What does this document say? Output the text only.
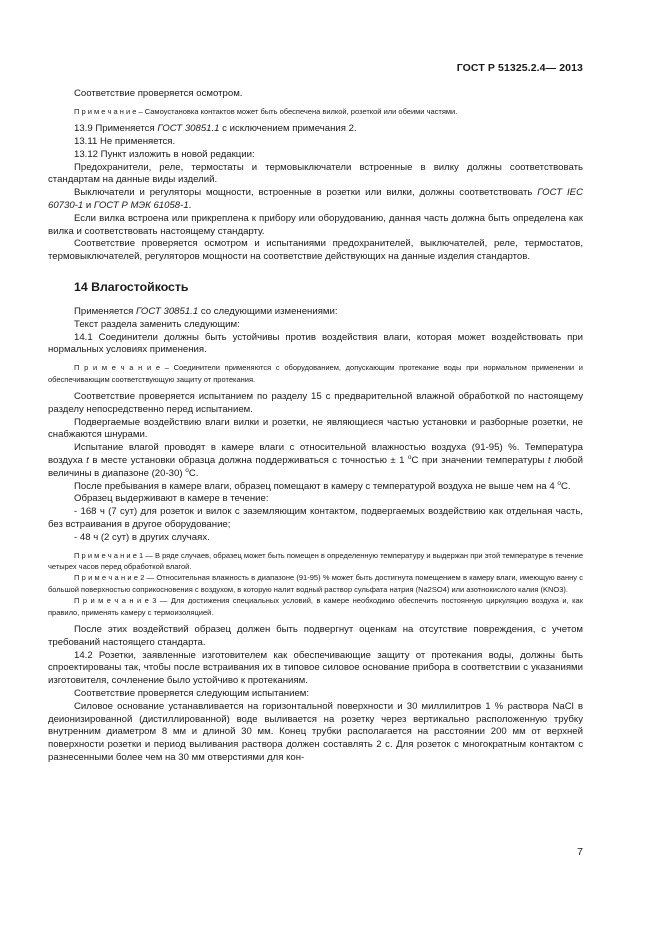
ГОСТ Р 51325.2.4— 2013

Соответствие проверяется осмотром.

П р и м е ч а н и е – Самоустановка контактов может быть обеспечена вилкой, розеткой или обеими частями.

13.9 Применяется ГОСТ 30851.1 с исключением примечания 2.

13.11 Не применяется.

13.12 Пункт изложить в новой редакции:

Предохранители, реле, термостаты и термовыключатели встроенные в вилку должны соответствовать стандартам на данные виды изделий.

Выключатели и регуляторы мощности, встроенные в розетки или вилки, должны соответствовать ГОСТ IEC 60730-1 и ГОСТ Р МЭК 61058-1.

Если вилка встроена или прикреплена к прибору или оборудованию, данная часть должна быть определена как вилка и соответствовать настоящему стандарту.

Соответствие проверяется осмотром и испытаниями предохранителей, выключателей, реле, термостатов, термовыключателей, регуляторов мощности на соответствие действующих на данные изделия стандартов.

14 Влагостойкость

Применяется ГОСТ 30851.1 со следующими изменениями:

Текст раздела заменить следующим:

14.1 Соединители должны быть устойчивы против воздействия влаги, которая может воздействовать при нормальных условиях применения.

П р и м е ч а н и е – Соединители применяются с оборудованием, допускающим протекание воды при нормальном применении и обеспечивающим соответствующую защиту от протекания.

Соответствие проверяется испытанием по разделу 15 с предварительной влажной обработкой по настоящему разделу непосредственно перед испытанием.

Подвергаемые воздействию влаги вилки и розетки, не являющиеся частью установки и разборные розетки, не снабжаются шнурами.

Испытание влагой проводят в камере влаги с относительной влажностью воздуха (91-95) %. Температура воздуха t в месте установки образца должна поддерживаться с точностью ± 1 $^о$С при значении температуры t любой величины в диапазоне (20-30) $^о$С.

После пребывания в камере влаги, образец помещают в камеру с температурой воздуха не выше чем на 4 $^о$С.

Образец выдерживают в камере в течение:

- 168 ч (7 сут) для розеток и вилок с заземляющим контактом, подвергаемых воздействию как отдельная часть, без встраивания в другое оборудование;

- 48 ч (2 сут) в других случаях.

П р и м е ч а н и е 1 — В ряде случаев, образец может быть помещен в определенную температуру и выдержан при этой температуре в течение четырех часов перед обработкой влагой.

П р и м е ч а н и е 2 — Относительная влажность в диапазоне (91-95) % может быть достигнута помещением в камеру влаги, имеющую ванну с большой поверхностью соприкосновения с воздухом, в которую налит водный раствор сульфата натрия (Na2SO4) или азотнокислого калия (KNO3).

П р и м е ч а н и е 3 — Для достижения специальных условий, в камере необходимо обеспечить постоянную циркуляцию воздуха и, как правило, применять камеру с термоизоляцией.

После этих воздействий образец должен быть подвергнут оценкам на отсутствие повреждения, с учетом требований настоящего стандарта.

14.2 Розетки, заявленные изготовителем как обеспечивающие защиту от протекания воды, должны быть спроектированы так, чтобы после встраивания их в типовое силовое основание прибора в соответствии с указаниями изготовителя, сочленение было устойчиво к протеканиям.

Соответствие проверяется следующим испытанием:

Силовое основание устанавливается на горизонтальной поверхности и 30 миллилитров 1 % раствора NaCl в деионизированной (дистиллированной) воде выливается на розетку через вертикально расположенную трубку внутренним диаметром 8 мм и длиной 30 мм. Конец трубки располагается на расстоянии 200 мм от верхней поверхности розетки и период выливания раствора должен составлять 2 с. Для розеток с многократным контактом с разнесенными более чем на 30 мм отверстиями для кон-

7
